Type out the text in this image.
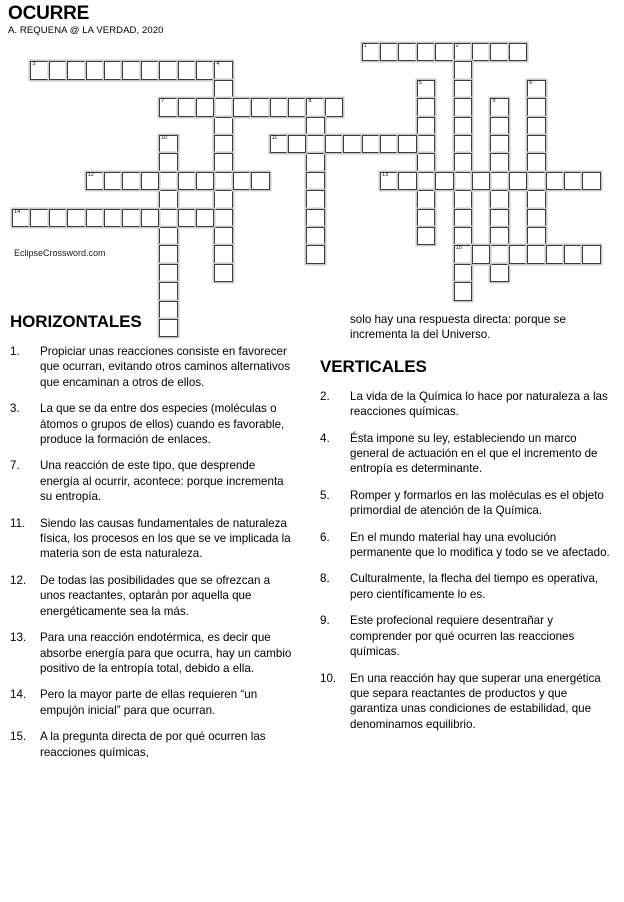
OCURRE
A. REQUENA @ LA VERDAD, 2020
1	2
15
3	4
5	6
7	8	9
10	11
12	13
14
EclipseCrossword.com
HORIZONTALES
1.	Propiciar unas reacciones consiste en favorecer que ocurran, evitando otros caminos alternativos que encaminan a otros de ellos.
3.	La que se da entre dos especies (moléculas o átomos o grupos de ellos) cuando es favorable, produce la formación de enlaces.
7.	Una reacción de este tipo, que desprende energía al ocurrir, acontece: porque incrementa su entropía.
11.	Siendo las causas fundamentales de naturaleza física, los procesos en los que se ve implicada la materia son de esta naturaleza.
12.	De todas las posibilidades que se ofrezcan a unos reactantes, optarán por aquella que energéticamente sea la más.
13.	Para una reacción endotérmica, es decir que absorbe energía para que ocurra, hay un cambio positivo de la entropía total, debido a ella.
14.	Pero la mayor parte de ellas requieren “un empujón inicial” para que ocurran.
15.	A la pregunta directa de por qué ocurren las reacciones químicas,
solo hay una respuesta directa: porque se incrementa la del Universo.
VERTICALES
2.	La vida de la Química lo hace por naturaleza a las reacciones químicas.
4.	Ésta impone su ley, estableciendo un marco general de actuación en el que el incremento de entropía es determinante.
5.	Romper y formarlos en las moléculas es el objeto primordial de atención de la Química.
6.	En el mundo material hay una evolución permanente que lo modifica y todo se ve afectado.
8.	Culturalmente, la flecha del tiempo es operativa, pero científicamente lo es.
9.	Este profecional requiere desentrañar y comprender por qué ocurren las reacciones químicas.
10.	En una reacción hay que superar una energética que separa reactantes de productos y que garantiza unas condiciones de estabilidad, que denominamos equilibrio.
